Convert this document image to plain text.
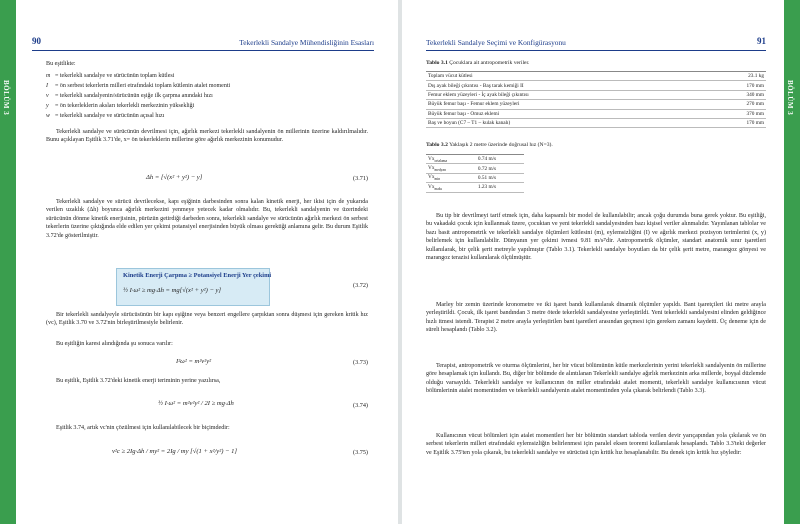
BÖLÜM 3
90	Tekerlekli Sandalye Mühendisliğinin Esasları
Bu eşitlikte:
m = tekerlekli sandalye ve sürücünün toplam kütlesi
I = ön serbest tekerlerin milleri etrafındaki toplam kütlenin atalet momenti
v = tekerlekli sandalyenin/sürücünün eşiğe ilk çarpma anındaki hızı
y = ön tekerleklerin aksları tekerlekli merkezinin yüksekliği
w = tekerlekli sandalye ve sürücünün açısal hızı
Tekerlekli sandalye ve sürücünün devrilmesi için, ağırlık merkezi tekerlekli sandalyenin ön millerinin üzerine kaldırılmalıdır. Bunu açıklayan Eşitlik 3.71'de, x= ön tekerleklerin millerine göre ağırlık merkezinin konumudur.
Δh = [√(x² + y²) − y]	(3.71)
Tekerlekli sandalye ve sürücü devrilecekse, kapı eşiğinin darbesinden sonra kalan kinetik enerji, her ikisi için de yukarıda verilen uzaklık (Δh) boyunca ağırlık merkezini yenmeye yetecek kadar olmalıdır. Bu, tekerlekli sandalyenin ve üzerindeki sürücünün dönme kinetik enerjisinin, pürüzün getirdiği darbeden sonra, tekerlekli sandalye ve sürücünün ağırlık merkezi ön serbest tekerlerin üzerine çıktığında elde edilen yer çekimi potansiyel enerjisinden büyük olması gerektiği anlamına gelir. Bu durum Eşitlik 3.72'de gösterilmiştir.
Kinetik Enerji Çarpma ≥ Potansiyel Enerji Yer çekimi
½ I·ω² ≥ mg·Δh = mg[√(x² + y²) − y]
(3.72)
Bir tekerlekli sandalyeyle sürücüsünün bir kapı eşiğine veya benzeri engellere çarpıktan sonra düşmesi için gereken kritik hız (vc), Eşitlik 3.70 ve 3.72'nin birleştirilmesiyle belirlenir.
Bu eşitliğin karesi alındığında şu sonuca varılır:
I²ω² = m²v²y²	(3.73)
Bu eşitlik, Eşitlik 3.72'deki kinetik enerji teriminin yerine yazılırsa,
½ I·ω² = m²v²y² / 2I ≥ mg·Δh	(3.74)
Eşitlik 3.74, artık vc'nin çözülmesi için kullanılabilecek bir biçimdedir:
v²c ≥ 2Ig·Δh / my² = 2Ig / my [√(1 + x²/y²) − 1]	(3.75)
BÖLÜM 3
Tekerlekli Sandalye Seçimi ve Konfigürasyonu	91
Tablo 3.1 Çocuklara ait antropometrik veriler.
Toplam vücut kütlesi	23.1 kg
Dış ayak bileği çıkıntısı - Baş tarak kemiği II	170 mm
Femur eklem yüzeyleri - İç ayak bileği çıkıntısı	340 mm
Büyük femur başı - Femur eklem yüzeyleri	270 mm
Büyük femur başı - Omuz eklemi	370 mm
Baş ve boyun (C7 – T1 – kulak kanalı)	170 mm
Tablo 3.2 Yaklaşık 2 metre üzerinde doğrusal hız (N=3).
$Vx_{ortalama}$	0.74 m/s
$Vx_{medyan}$	0.72 m/s
$Vx_{min}$	0.51 m/s
$Vx_{maks}$	1.23 m/s
Bu tip bir devrilmeyi tarif etmek için, daha kapsamlı bir model de kullanılabilir; ancak çoğu durumda buna gerek yoktur. Bu eşitliği, bu vakadaki çocuk için kullanmak üzere, çocuktan ve yeni tekerlekli sandalyesinden bazı kişisel veriler alınmalıdır. Yayınlanan tablolar ve bazı basit antropometrik ve tekerlekli sandalye ölçümleri kütlesini (m), eylemsizliğini (I) ve ağırlık merkezi pozisyon terimlerini (x, y) belirlemek için kullanılabilir. Dünyanın yer çekimi ivmesi 9.81 m/s²'dir. Antropometrik ölçümler, standart anatomik sınır işaretleri kullanılarak, bir çelik şerit metreyle yapılmıştır (Tablo 3.1). Tekerlekli sandalye boyutları da bir çelik şerit metre, marangoz gönyesi ve marangoz terazisi kullanılarak ölçülmüştür.
Marley bir zemin üzerinde kronometre ve iki işaret bandı kullanılarak dinamik ölçümler yapıldı. Bant işaretçileri iki metre arayla yerleştirildi. Çocuk, ilk işaret bandından 3 metre ötede tekerlekli sandalyesine yerleştirildi. Yeni tekerlekli sandalyesini elinden geldiğince hızlı itmesi istendi. Terapist 2 metre arayla yerleştirilen bant işaretleri arasından geçmesi için gereken zamanı kaydetti. Üç deneme için de süreli hesaplandı (Tablo 3.2).
Terapist, antropometrik ve oturma ölçümlerini, her bir vücut bölümünün kütle merkezlerinin yerini tekerlekli sandalyenin ön millerine göre hesaplamak için kullandı. Bu, diğer bir bölümde de alıntılanan Tekerlekli sandalye ağırlık merkezinin arka millerde, boyşal düzlemde olduğu varsayıldı. Tekerlekli sandalye ve kullanıcının ön miller etrafındaki atalet momenti, tekerlekli sandalye kullanıcısının vücut bölümlerinin atalet momentinden ve tekerlekli sandalyenin atalet momentinden yola çıkarak belirlendi (Tablo 3.3).
Kullanıcının vücut bölümleri için atalet momentleri her bir bölümün standart tabloda verilen devir yarıçapından yola çıkılarak ve ön serbest tekerlerin milleri etrafındaki eylemsizliğin belirlenmesi için paralel eksen teoremi kullanılarak hesaplandı. Tablo 3.3'teki değerler ve Eşitlik 3.75'ten yola çıkarak, bu tekerlekli sandalye ve sürücüsü için kritik hız hesaplanabilir. Bu denek için kritik hız şöyledir:
